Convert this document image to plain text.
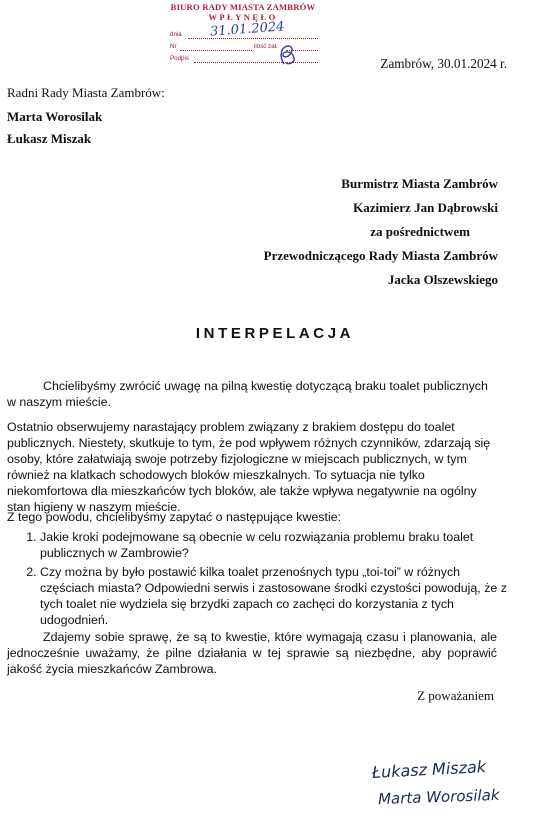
BIURO RADY MIASTA ZAMBRÓW
WPŁYNĘŁO
dnia 31.01.2024
Nr	ilość zał.
Podpis	Zambrów, 30.01.2024 r.
Radni Rady Miasta Zambrów:
Marta Worosilak
Łukasz Miszak
Burmistrz Miasta Zambrów
Kazimierz Jan Dąbrowski
za pośrednictwem
Przewodniczącego Rady Miasta Zambrów
Jacka Olszewskiego
INTERPELACJA
Chcielibyśmy zwrócić uwagę na pilną kwestię dotyczącą braku toalet publicznych w naszym mieście.
Ostatnio obserwujemy narastający problem związany z brakiem dostępu do toalet publicznych. Niestety, skutkuje to tym, że pod wpływem różnych czynników, zdarzają się osoby, które załatwiają swoje potrzeby fizjologiczne w miejscach publicznych, w tym również na klatkach schodowych bloków mieszkalnych. To sytuacja nie tylko niekomfortowa dla mieszkańców tych bloków, ale także wpływa negatywnie na ogólny stan higieny w naszym mieście.
Z tego powodu, chcielibyśmy zapytać o następujące kwestie:
1. Jakie kroki podejmowane są obecnie w celu rozwiązania problemu braku toalet publicznych w Zambrowie?
2. Czy można by było postawić kilka toalet przenośnych typu „toi-toi” w różnych częściach miasta? Odpowiedni serwis i zastosowane środki czystości powodują, że z tych toalet nie wydziela się brzydki zapach co zachęci do korzystania z tych udogodnień.
Zdajemy sobie sprawę, że są to kwestie, które wymagają czasu i planowania, ale jednocześnie uważamy, że pilne działania w tej sprawie są niezbędne, aby poprawić jakość życia mieszkańców Zambrowa.
Z poważaniem
Łukasz Miszak
Marta Worosilak
